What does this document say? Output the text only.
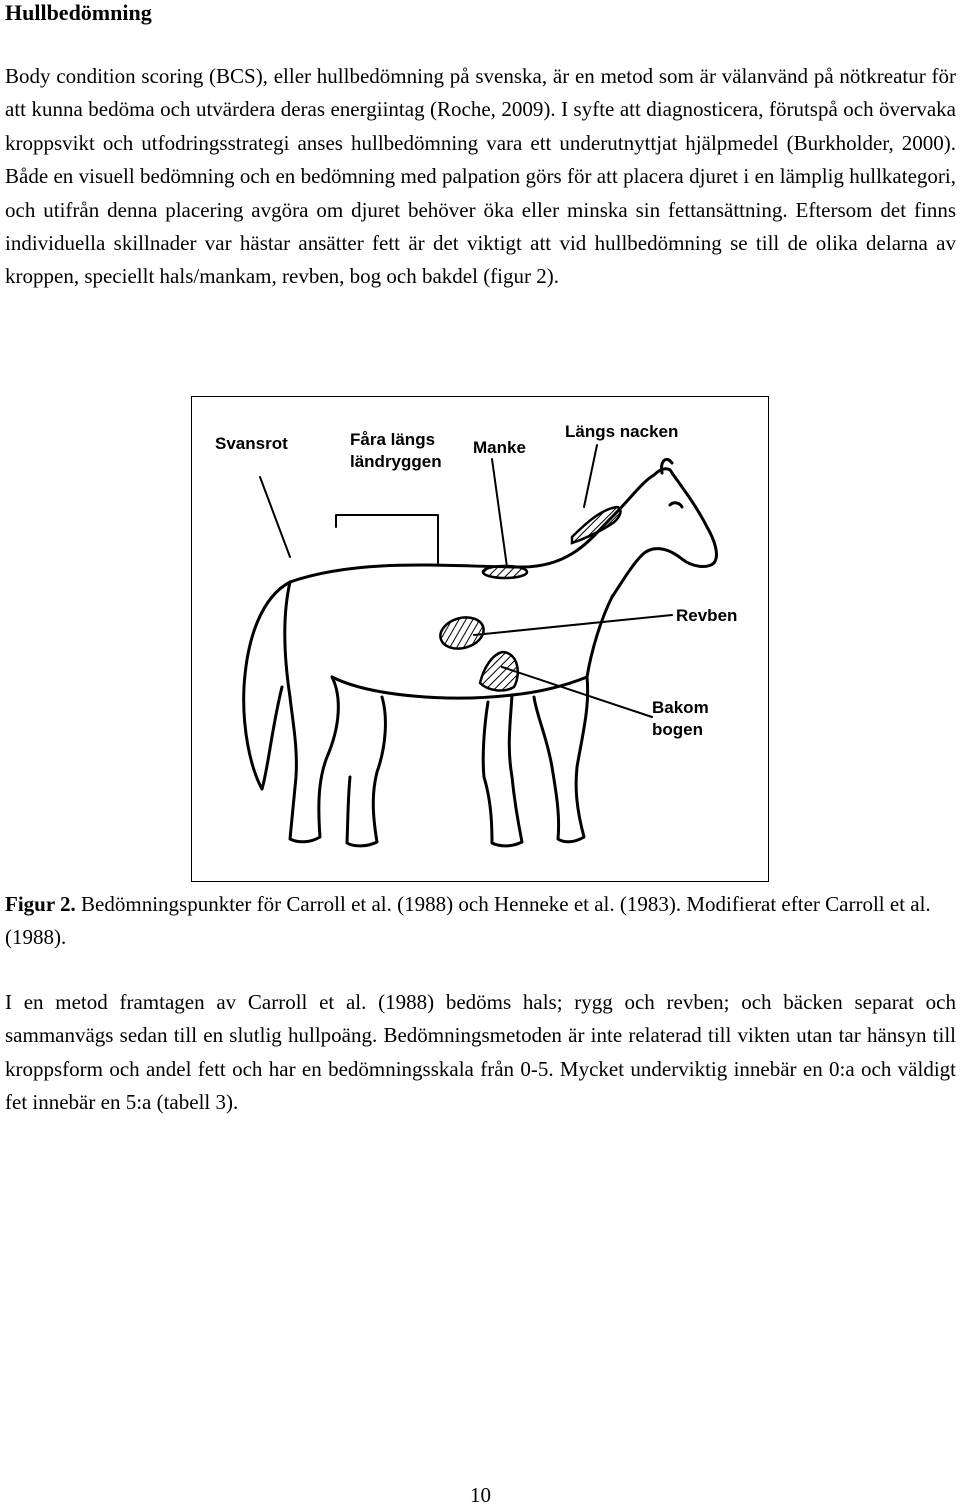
Hullbedömning

Body condition scoring (BCS), eller hullbedömning på svenska, är en metod som är välanvänd på nötkreatur för att kunna bedöma och utvärdera deras energiintag (Roche, 2009). I syfte att diagnosticera, förutspå och övervaka kroppsvikt och utfodringsstrategi anses hullbedömning vara ett underutnyttjat hjälpmedel (Burkholder, 2000). Både en visuell bedömning och en bedömning med palpation görs för att placera djuret i en lämplig hullkategori, och utifrån denna placering avgöra om djuret behöver öka eller minska sin fettansättning. Eftersom det finns individuella skillnader var hästar ansätter fett är det viktigt att vid hullbedömning se till de olika delarna av kroppen, speciellt hals/mankam, revben, bog och bakdel (figur 2).

Svansrot	Fåra längs
ländryggen
Manke
Längs nacken
Revben
Bakom
bogen

Figur 2. Bedömningspunkter för Carroll et al. (1988) och Henneke et al. (1983). Modifierat efter Carroll et al. (1988).

I en metod framtagen av Carroll et al. (1988) bedöms hals; rygg och revben; och bäcken separat och sammanvägs sedan till en slutlig hullpoäng. Bedömningsmetoden är inte relaterad till vikten utan tar hänsyn till kroppsform och andel fett och har en bedömningsskala från 0-5. Mycket underviktig innebär en 0:a och väldigt fet innebär en 5:a (tabell 3).

10
